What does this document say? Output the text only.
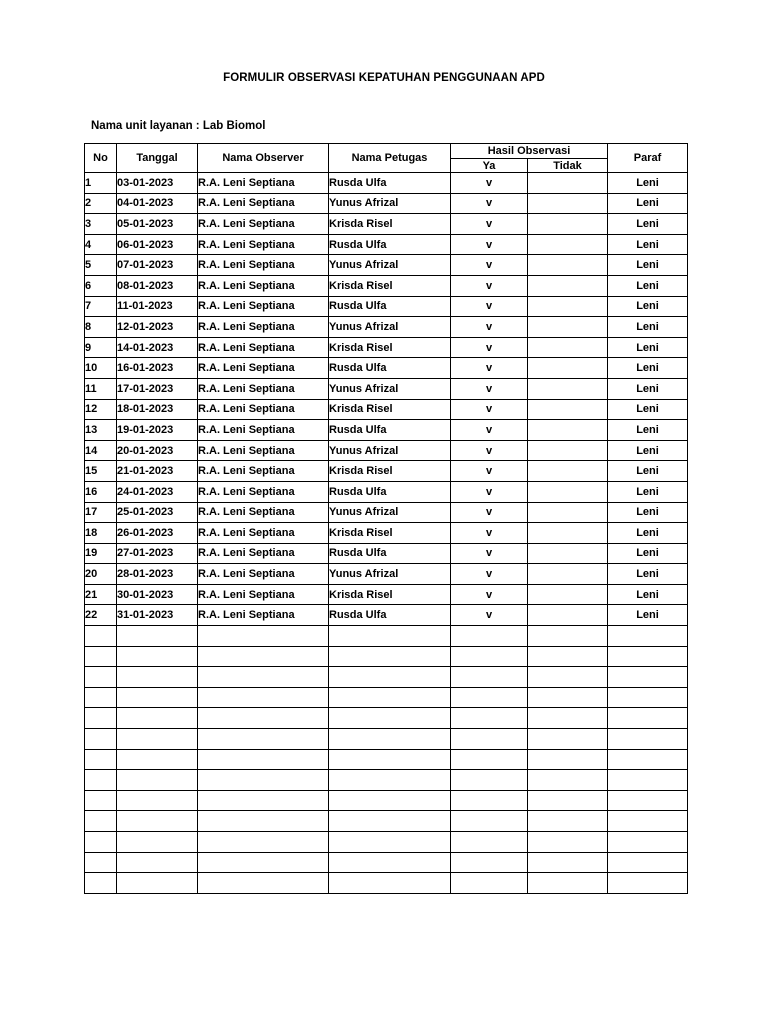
FORMULIR OBSERVASI KEPATUHAN PENGGUNAAN APD
Nama unit layanan : Lab Biomol
No	Tanggal	Nama Observer	Nama Petugas	Hasil Observasi		Paraf
				Ya	Tidak	
1	03-01-2023	R.A. Leni Septiana	Rusda Ulfa	v		Leni
2	04-01-2023	R.A. Leni Septiana	Yunus Afrizal	v		Leni
3	05-01-2023	R.A. Leni Septiana	Krisda Risel	v		Leni
4	06-01-2023	R.A. Leni Septiana	Rusda Ulfa	v		Leni
5	07-01-2023	R.A. Leni Septiana	Yunus Afrizal	v		Leni
6	08-01-2023	R.A. Leni Septiana	Krisda Risel	v		Leni
7	11-01-2023	R.A. Leni Septiana	Rusda Ulfa	v		Leni
8	12-01-2023	R.A. Leni Septiana	Yunus Afrizal	v		Leni
9	14-01-2023	R.A. Leni Septiana	Krisda Risel	v		Leni
10	16-01-2023	R.A. Leni Septiana	Rusda Ulfa	v		Leni
11	17-01-2023	R.A. Leni Septiana	Yunus Afrizal	v		Leni
12	18-01-2023	R.A. Leni Septiana	Krisda Risel	v		Leni
13	19-01-2023	R.A. Leni Septiana	Rusda Ulfa	v		Leni
14	20-01-2023	R.A. Leni Septiana	Yunus Afrizal	v		Leni
15	21-01-2023	R.A. Leni Septiana	Krisda Risel	v		Leni
16	24-01-2023	R.A. Leni Septiana	Rusda Ulfa	v		Leni
17	25-01-2023	R.A. Leni Septiana	Yunus Afrizal	v		Leni
18	26-01-2023	R.A. Leni Septiana	Krisda Risel	v		Leni
19	27-01-2023	R.A. Leni Septiana	Rusda Ulfa	v		Leni
20	28-01-2023	R.A. Leni Septiana	Yunus Afrizal	v		Leni
21	30-01-2023	R.A. Leni Septiana	Krisda Risel	v		Leni
22	31-01-2023	R.A. Leni Septiana	Rusda Ulfa	v		Leni
